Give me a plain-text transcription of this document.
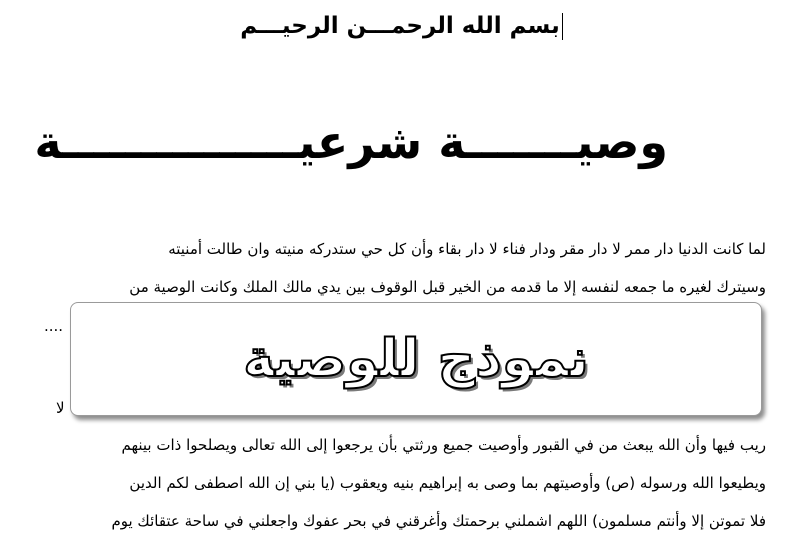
بسم الله الرحمـــن الرحيـــم
وصيـــــــة شرعيـــــــــــــــة
لما كانت الدنيا دار ممر لا دار مقر ودار فناء لا دار بقاء وأن كل حي ستدركه منيته وان طالت أمنيته
وسيترك لغيره ما جمعه لنفسه إلا ما قدمه من الخير قبل الوقوف بين يدي مالك الملك وكانت الوصية من
....
لا
ريب فيها وأن الله يبعث من في القبور وأوصيت جميع ورثتي بأن يرجعوا إلى الله تعالى ويصلحوا ذات بينهم
ويطيعوا الله ورسوله (ص) وأوصيتهم بما وصى به إبراهيم بنيه ويعقوب (يا بني إن الله اصطفى لكم الدين
فلا تموتن إلا وأنتم مسلمون) اللهم اشملني برحمتك وأغرقني في بحر عفوك واجعلني في ساحة عتقائك يوم
نموذج للوصية
